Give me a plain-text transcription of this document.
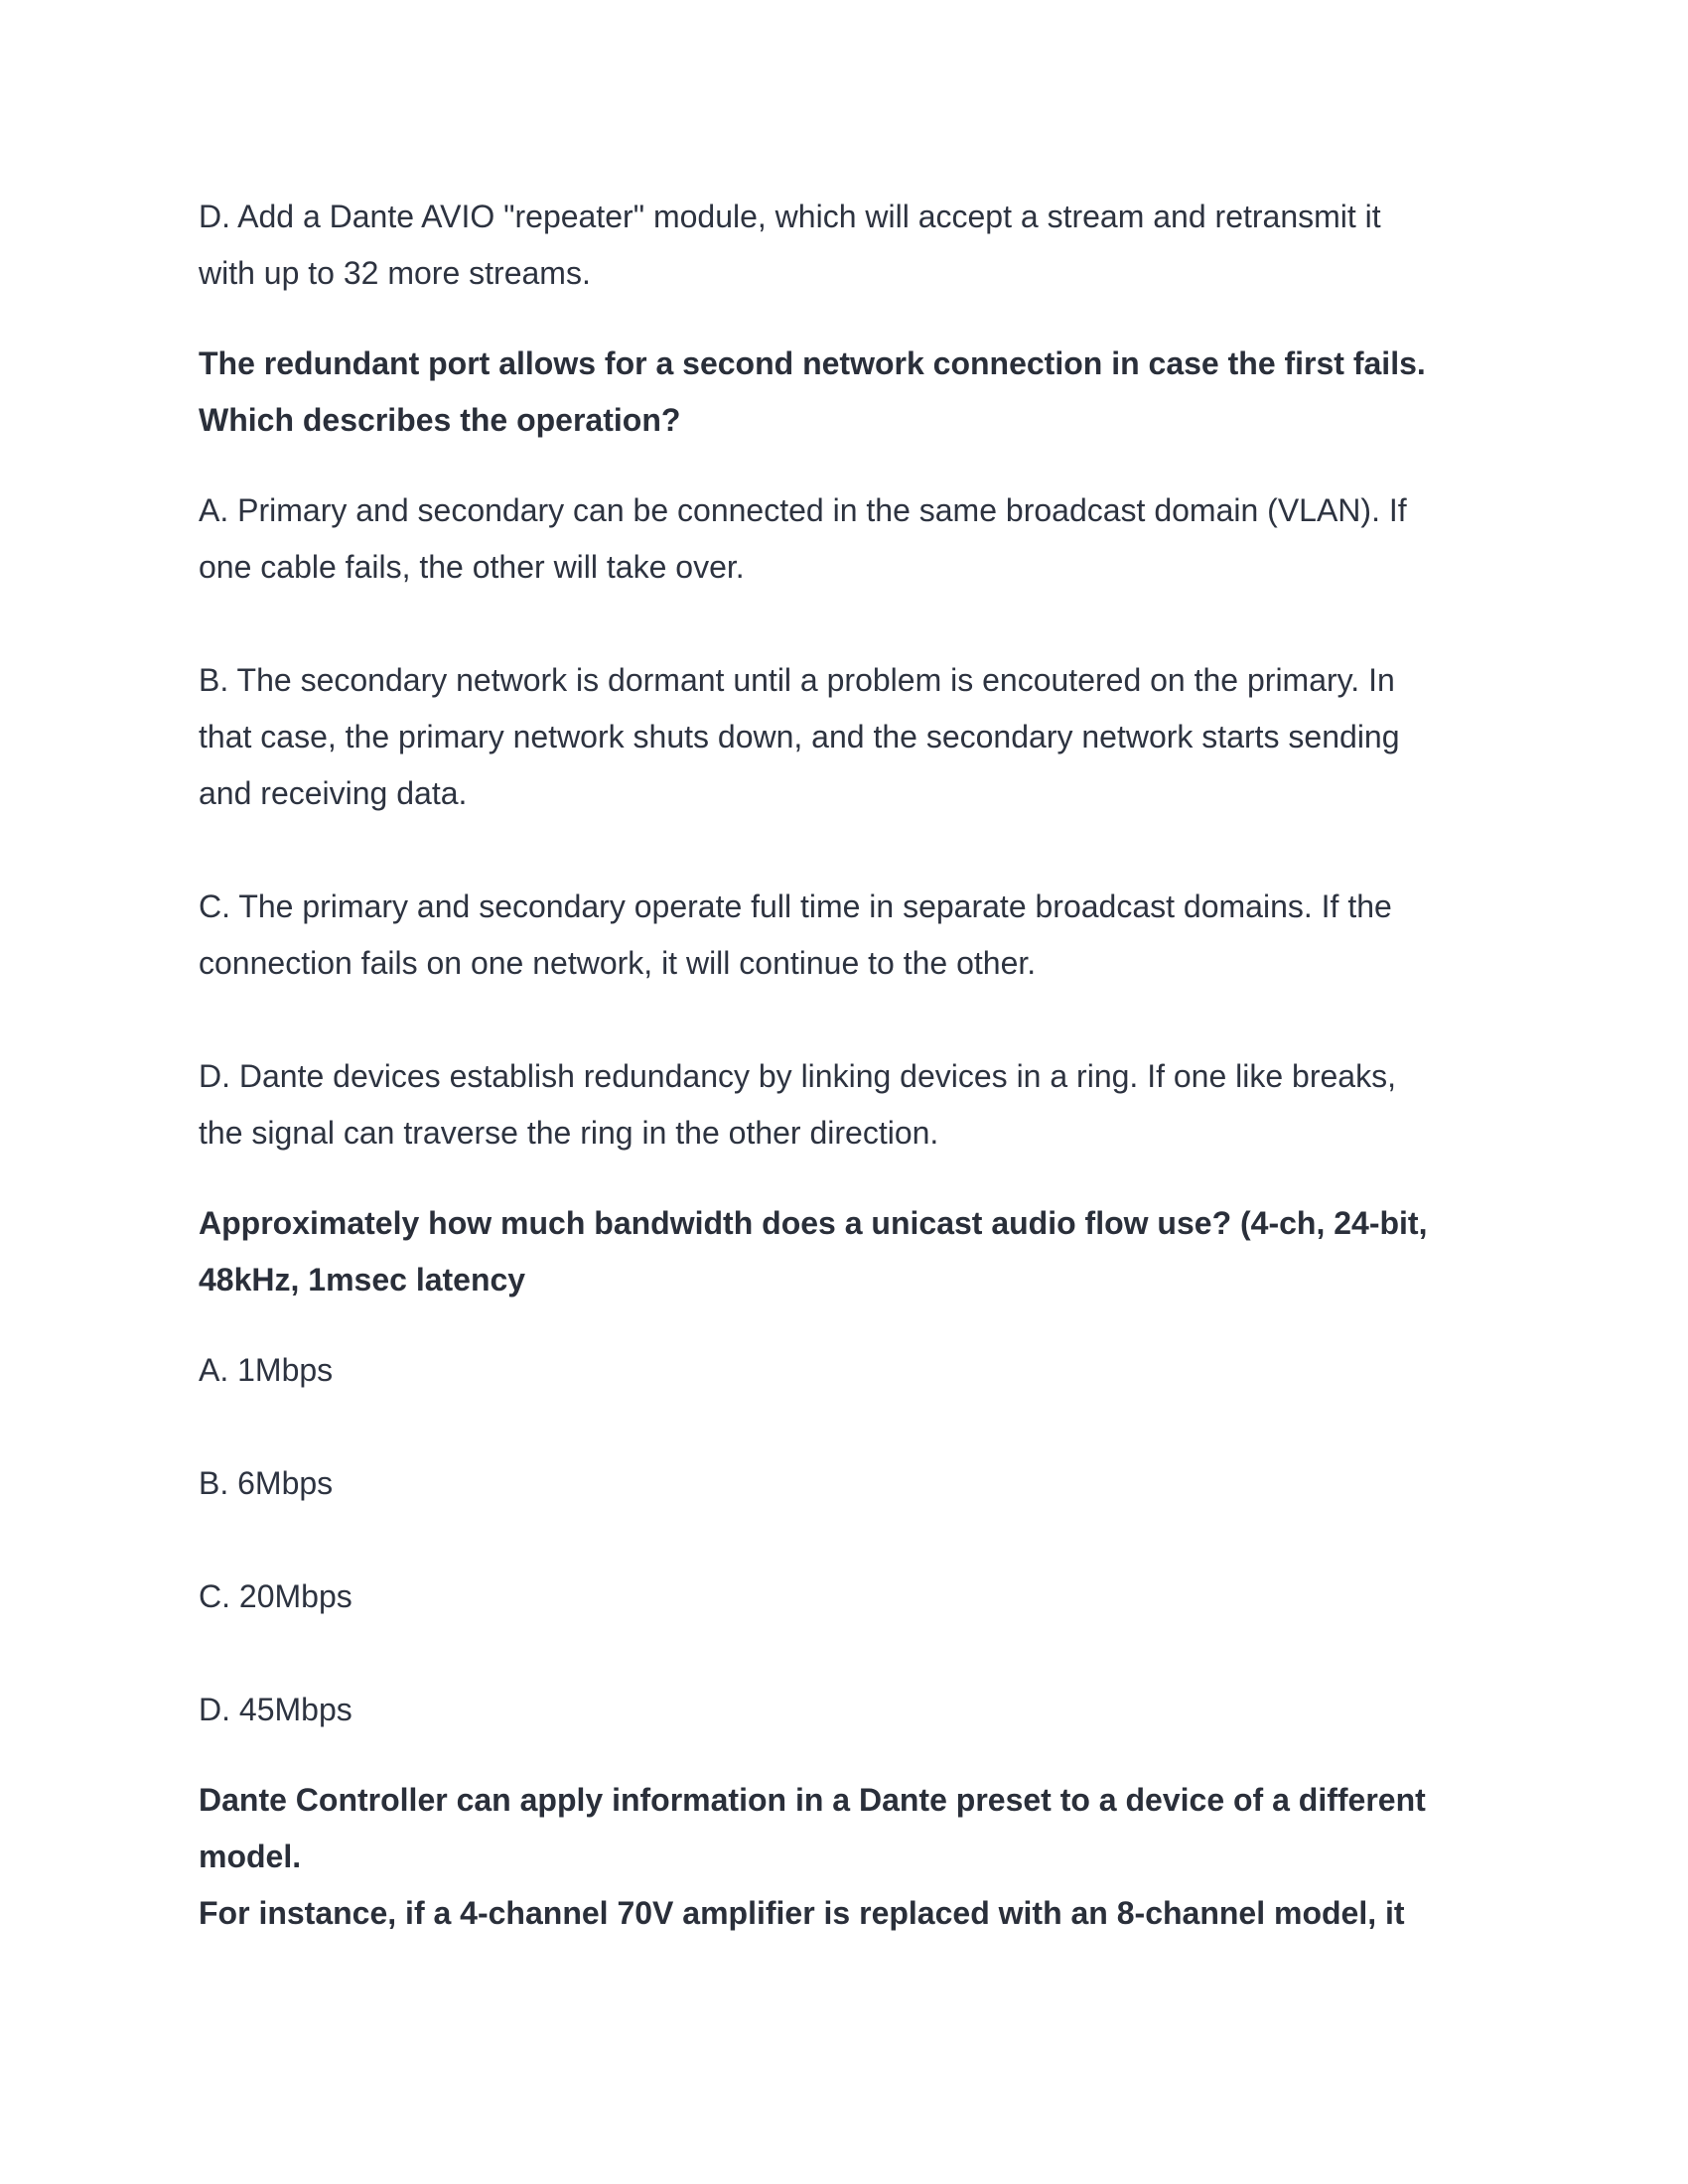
D. Add a Dante AVIO "repeater" module, which will accept a stream and retransmit it
with up to 32 more streams.

The redundant port allows for a second network connection in case the first fails.
Which describes the operation?

A. Primary and secondary can be connected in the same broadcast domain (VLAN). If
one cable fails, the other will take over.

B. The secondary network is dormant until a problem is encoutered on the primary. In
that case, the primary network shuts down, and the secondary network starts sending
and receiving data.

C. The primary and secondary operate full time in separate broadcast domains. If the
connection fails on one network, it will continue to the other.

D. Dante devices establish redundancy by linking devices in a ring. If one like breaks,
the signal can traverse the ring in the other direction.

Approximately how much bandwidth does a unicast audio flow use? (4-ch, 24-bit,
48kHz, 1msec latency

A. 1Mbps

B. 6Mbps

C. 20Mbps

D. 45Mbps

Dante Controller can apply information in a Dante preset to a device of a different
model.
For instance, if a 4-channel 70V amplifier is replaced with an 8-channel model, it
